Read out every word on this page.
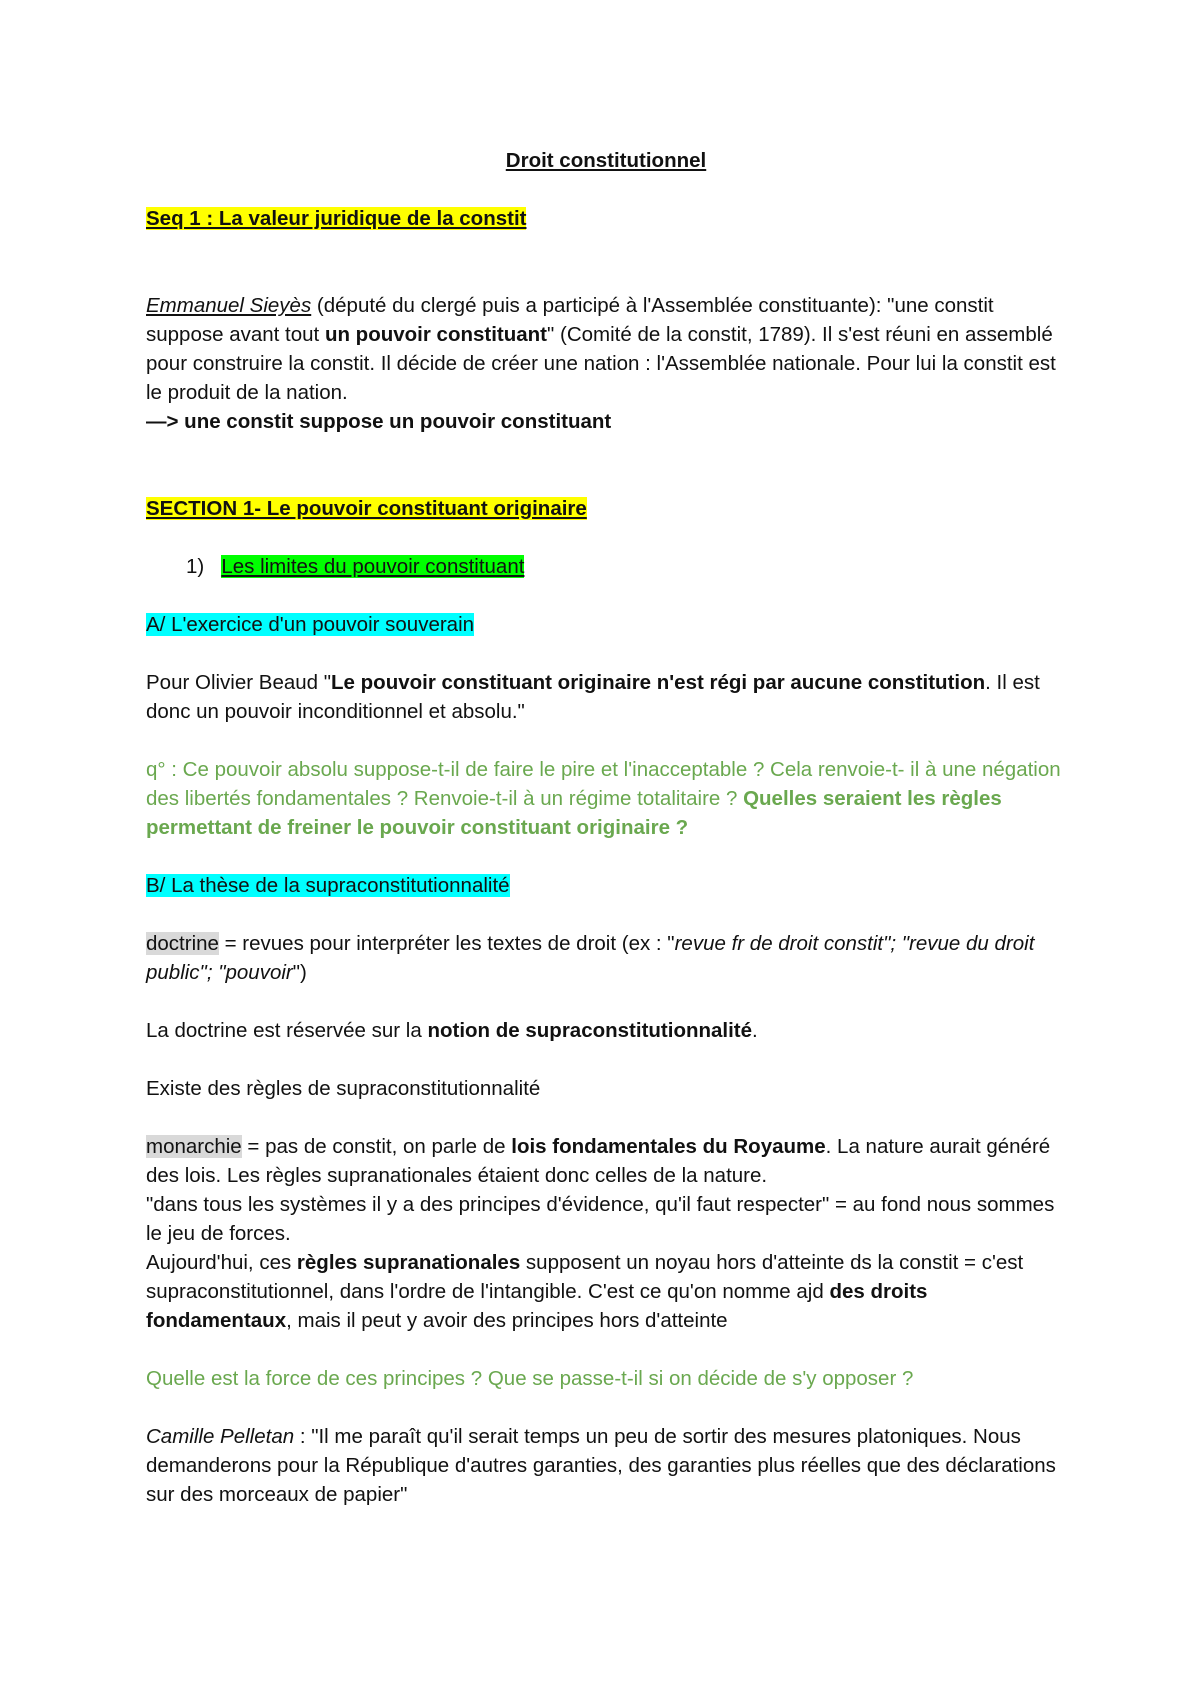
Droit constitutionnel

Seq 1 : La valeur juridique de la constit

Emmanuel Sieyès (député du clergé puis a participé à l'Assemblée constituante): "une constit suppose avant tout un pouvoir constituant" (Comité de la constit, 1789). Il s'est réuni en assemblé pour construire la constit. Il décide de créer une nation : l'Assemblée nationale. Pour lui la constit est le produit de la nation.

—> une constit suppose un pouvoir constituant

SECTION 1- Le pouvoir constituant originaire

1) Les limites du pouvoir constituant

A/ L'exercice d'un pouvoir souverain

Pour Olivier Beaud "Le pouvoir constituant originaire n'est régi par aucune constitution. Il est donc un pouvoir inconditionnel et absolu."

q° : Ce pouvoir absolu suppose-t-il de faire le pire et l'inacceptable ? Cela renvoie-t- il à une négation des libertés fondamentales ? Renvoie-t-il à un régime totalitaire ? Quelles seraient les règles permettant de freiner le pouvoir constituant originaire ?

B/ La thèse de la supraconstitutionnalité

doctrine = revues pour interpréter les textes de droit (ex : "revue fr de droit constit"; "revue du droit public"; "pouvoir")

La doctrine est réservée sur la notion de supraconstitutionnalité.

Existe des règles de supraconstitutionnalité

monarchie = pas de constit, on parle de lois fondamentales du Royaume. La nature aurait généré des lois. Les règles supranationales étaient donc celles de la nature.

"dans tous les systèmes il y a des principes d'évidence, qu'il faut respecter" = au fond nous sommes le jeu de forces.

Aujourd'hui, ces règles supranationales supposent un noyau hors d'atteinte ds la constit = c'est supraconstitutionnel, dans l'ordre de l'intangible. C'est ce qu'on nomme ajd des droits fondamentaux, mais il peut y avoir des principes hors d'atteinte

Quelle est la force de ces principes ? Que se passe-t-il si on décide de s'y opposer ?

Camille Pelletan : "Il me paraît qu'il serait temps un peu de sortir des mesures platoniques. Nous demanderons pour la République d'autres garanties, des garanties plus réelles que des déclarations sur des morceaux de papier"
